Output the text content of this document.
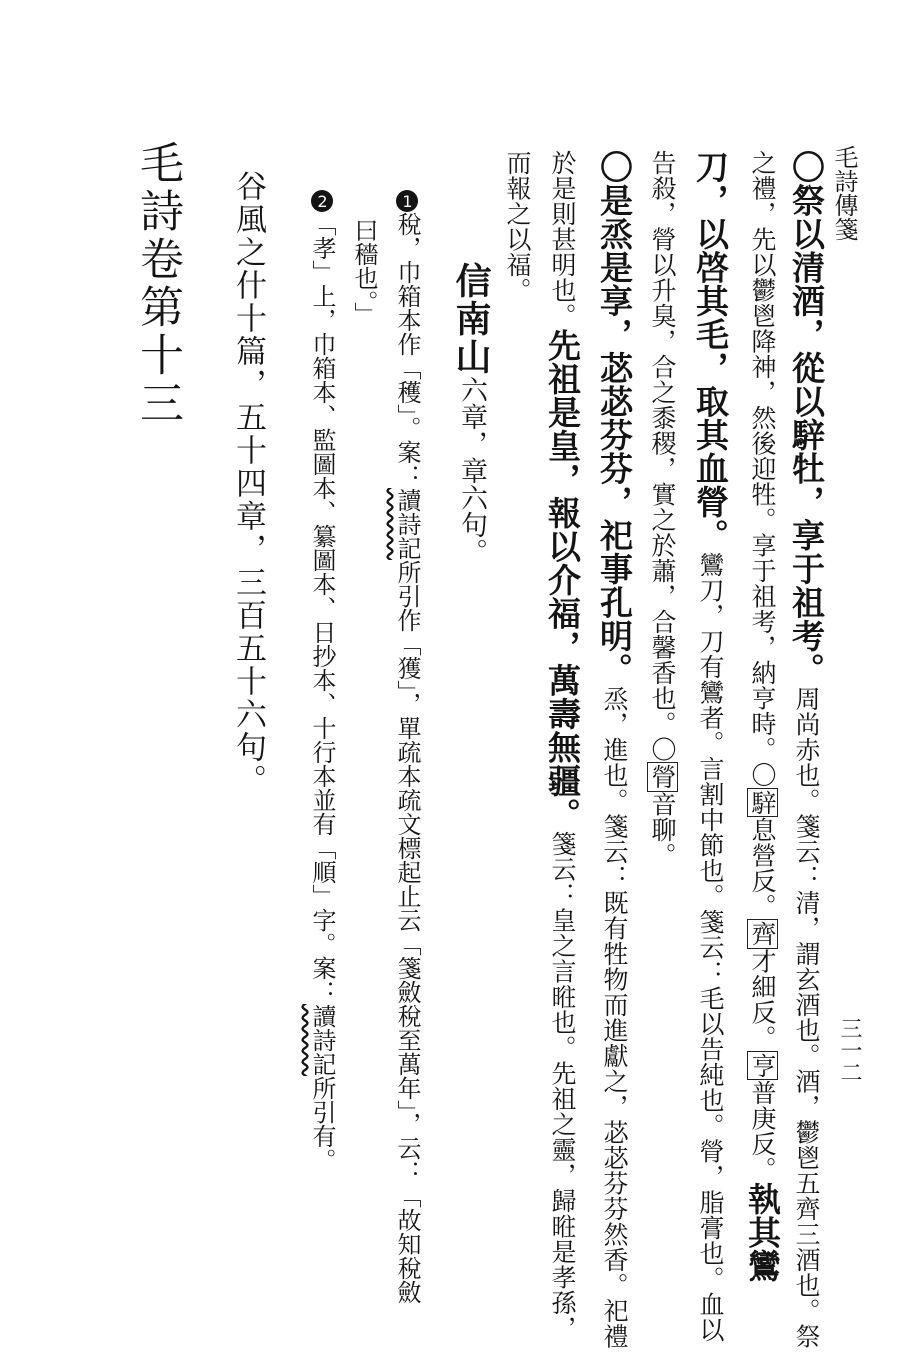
毛詩傳箋
三一二
〇祭以清酒，從以騂牡，享于祖考。周尚赤也。箋云：清，謂玄酒也。酒，鬱鬯五齊三酒也。祭
之禮，先以鬱鬯降神，然後迎牲。享于祖考，納亨時。〇騂息營反。齊才細反。亨普庚反。執其鸞
刀，以啓其毛，取其血膋。鸞刀，刀有鸞者。言割中節也。箋云：毛以告純也。膋，脂膏也。血以
告殺，膋以升臭，合之黍稷，實之於蕭，合馨香也。〇膋音聊。
〇是烝是享，苾苾芬芬，祀事孔明。烝，進也。箋云：既有牲物而進獻之，苾苾芬芬然香。祀禮
於是則甚明也。先祖是皇，報以介福，萬壽無疆。箋云：皇之言暀也。先祖之靈，歸暀是孝孫，
而報之以福。
信南山六章，章六句。
1稅，巾箱本作「穫」。案：讀詩記所引作「獲」，單疏本疏文標起止云「箋斂稅至萬年」，云：「故知稅斂
曰穡也。」
2「孝」上，巾箱本、監圖本、纂圖本、日抄本、十行本並有「順」字。案：讀詩記所引有。
谷風之什十篇，五十四章，三百五十六句。
毛詩卷第十三
